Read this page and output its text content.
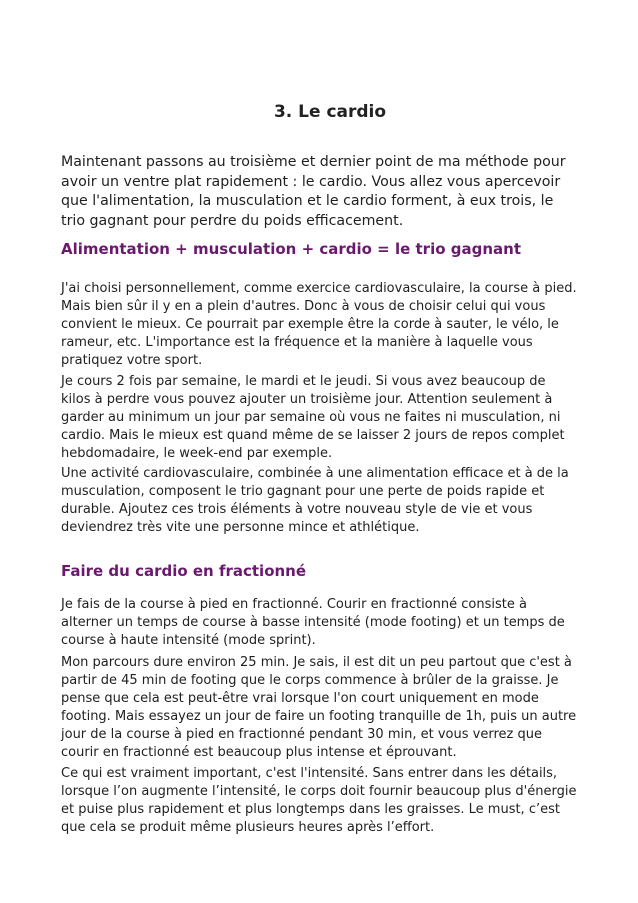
3. Le cardio

Maintenant passons au troisième et dernier point de ma méthode pour avoir un ventre plat rapidement : le cardio. Vous allez vous apercevoir que l'alimentation, la musculation et le cardio forment, à eux trois, le trio gagnant pour perdre du poids efficacement.

Alimentation + musculation + cardio = le trio gagnant

J'ai choisi personnellement, comme exercice cardiovasculaire, la course à pied. Mais bien sûr il y en a plein d'autres. Donc à vous de choisir celui qui vous convient le mieux. Ce pourrait par exemple être la corde à sauter, le vélo, le rameur, etc. L'importance est la fréquence et la manière à laquelle vous pratiquez votre sport.

Je cours 2 fois par semaine, le mardi et le jeudi. Si vous avez beaucoup de kilos à perdre vous pouvez ajouter un troisième jour. Attention seulement à garder au minimum un jour par semaine où vous ne faites ni musculation, ni cardio. Mais le mieux est quand même de se laisser 2 jours de repos complet hebdomadaire, le week-end par exemple.

Une activité cardiovasculaire, combinée à une alimentation efficace et à de la musculation, composent le trio gagnant pour une perte de poids rapide et durable. Ajoutez ces trois éléments à votre nouveau style de vie et vous deviendrez très vite une personne mince et athlétique.

Faire du cardio en fractionné

Je fais de la course à pied en fractionné. Courir en fractionné consiste à alterner un temps de course à basse intensité (mode footing) et un temps de course à haute intensité (mode sprint).

Mon parcours dure environ 25 min. Je sais, il est dit un peu partout que c'est à partir de 45 min de footing que le corps commence à brûler de la graisse. Je pense que cela est peut-être vrai lorsque l'on court uniquement en mode footing. Mais essayez un jour de faire un footing tranquille de 1h, puis un autre jour de la course à pied en fractionné pendant 30 min, et vous verrez que courir en fractionné est beaucoup plus intense et éprouvant.

Ce qui est vraiment important, c'est l'intensité. Sans entrer dans les détails, lorsque l’on augmente l’intensité, le corps doit fournir beaucoup plus d'énergie et puise plus rapidement et plus longtemps dans les graisses. Le must, c’est que cela se produit même plusieurs heures après l’effort.
